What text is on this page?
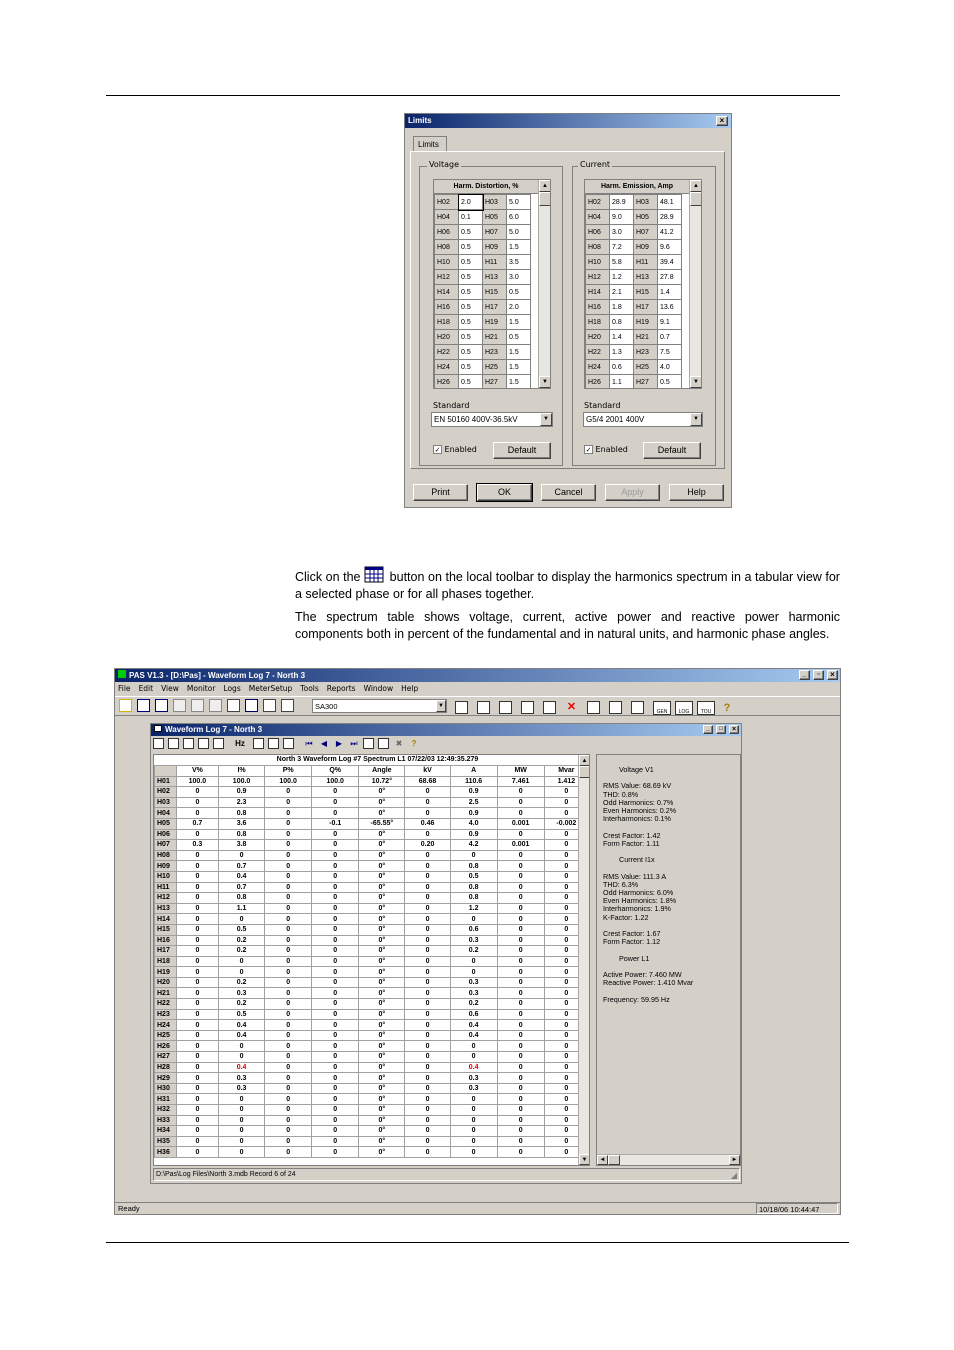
Limits	×
Limits
Voltage
Harm. Distortion, %
H02	2.0	H03	5.0
H04	0.1	H05	6.0
H06	0.5	H07	5.0
H08	0.5	H09	1.5
H10	0.5	H11	3.5
H12	0.5	H13	3.0
H14	0.5	H15	0.5
H16	0.5	H17	2.0
H18	0.5	H19	1.5
H20	0.5	H21	0.5
H22	0.5	H23	1.5
H24	0.5	H25	1.5
H26	0.5	H27	1.5
▲
▼
Standard
EN 50160 400V-36.5kV	▼
✓ Enabled	Default
Current
Harm. Emission, Amp
H02	28.9	H03	48.1
H04	9.0	H05	28.9
H06	3.0	H07	41.2
H08	7.2	H09	9.6
H10	5.8	H11	39.4
H12	1.2	H13	27.8
H14	2.1	H15	1.4
H16	1.8	H17	13.6
H18	0.8	H19	9.1
H20	1.4	H21	0.7
H22	1.3	H23	7.5
H24	0.6	H25	4.0
H26	1.1	H27	0.5
▲
▼
Standard
G5/4 2001 400V	▼
✓ Enabled	Default
Print	OK	Cancel	Apply	Help
Click on the button on the local toolbar to display the harmonics spectrum in a tabular view for a selected phase or for all phases together.
The spectrum table shows voltage, current, active power and reactive power harmonic components both in percent of the fundamental and in natural units, and harmonic phase angles.
PAS V1.3 - [D:\Pas] - Waveform Log 7 - North 3	_	▫	×
File Edit View Monitor Logs MeterSetup Tools Reports Window Help
SA300	▼	✕	GEN LOG TOU ?
Waveform Log 7 - North 3	_	□	×
Hz	⏮	◀	▶	⏭	✖	?
North 3 Waveform Log #7 Spectrum L1 07/22/03 12:49:35.279
	V%	I%	P%	Q%	Angle	kV	A	MW	Mvar
H01	100.0	100.0	100.0	100.0	10.72°	68.68	110.6	7.461	1.412
H02	0	0.9	0	0	0°	0	0.9	0	0
H03	0	2.3	0	0	0°	0	2.5	0	0
H04	0	0.8	0	0	0°	0	0.9	0	0
H05	0.7	3.6	0	-0.1	-65.55°	0.46	4.0	0.001	-0.002
H06	0	0.8	0	0	0°	0	0.9	0	0
H07	0.3	3.8	0	0	0°	0.20	4.2	0.001	0
H08	0	0	0	0	0°	0	0	0	0
H09	0	0.7	0	0	0°	0	0.8	0	0
H10	0	0.4	0	0	0°	0	0.5	0	0
H11	0	0.7	0	0	0°	0	0.8	0	0
H12	0	0.8	0	0	0°	0	0.8	0	0
H13	0	1.1	0	0	0°	0	1.2	0	0
H14	0	0	0	0	0°	0	0	0	0
H15	0	0.5	0	0	0°	0	0.6	0	0
H16	0	0.2	0	0	0°	0	0.3	0	0
H17	0	0.2	0	0	0°	0	0.2	0	0
H18	0	0	0	0	0°	0	0	0	0
H19	0	0	0	0	0°	0	0	0	0
H20	0	0.2	0	0	0°	0	0.3	0	0
H21	0	0.3	0	0	0°	0	0.3	0	0
H22	0	0.2	0	0	0°	0	0.2	0	0
H23	0	0.5	0	0	0°	0	0.6	0	0
H24	0	0.4	0	0	0°	0	0.4	0	0
H25	0	0.4	0	0	0°	0	0.4	0	0
H26	0	0	0	0	0°	0	0	0	0
H27	0	0	0	0	0°	0	0	0	0
H28	0	0.4	0	0	0°	0	0.4	0	0
H29	0	0.3	0	0	0°	0	0.3	0	0
H30	0	0.3	0	0	0°	0	0.3	0	0
H31	0	0	0	0	0°	0	0	0	0
H32	0	0	0	0	0°	0	0	0	0
H33	0	0	0	0	0°	0	0	0	0
H34	0	0	0	0	0°	0	0	0	0
H35	0	0	0	0	0°	0	0	0	0
H36	0	0	0	0	0°	0	0	0	0
▲
▼
Voltage V1
RMS Value: 68.69 kV
THD: 0.8%
Odd Harmonics: 0.7%
Even Harmonics: 0.2%
Interharmonics: 0.1%
Crest Factor: 1.42
Form Factor: 1.11
Current I1x
RMS Value: 111.3 A
THD: 6.3%
Odd Harmonics: 6.0%
Even Harmonics: 1.8%
Interharmonics: 1.9%
K-Factor: 1.22
Crest Factor: 1.67
Form Factor: 1.12
Power L1
Active Power: 7.460 MW
Reactive Power: 1.410 Mvar
Frequency: 59.95 Hz
◄	►
D:\Pas\Log Files\North 3.mdb Record 6 of 24	◢
Ready	10/18/06 10:44:47
